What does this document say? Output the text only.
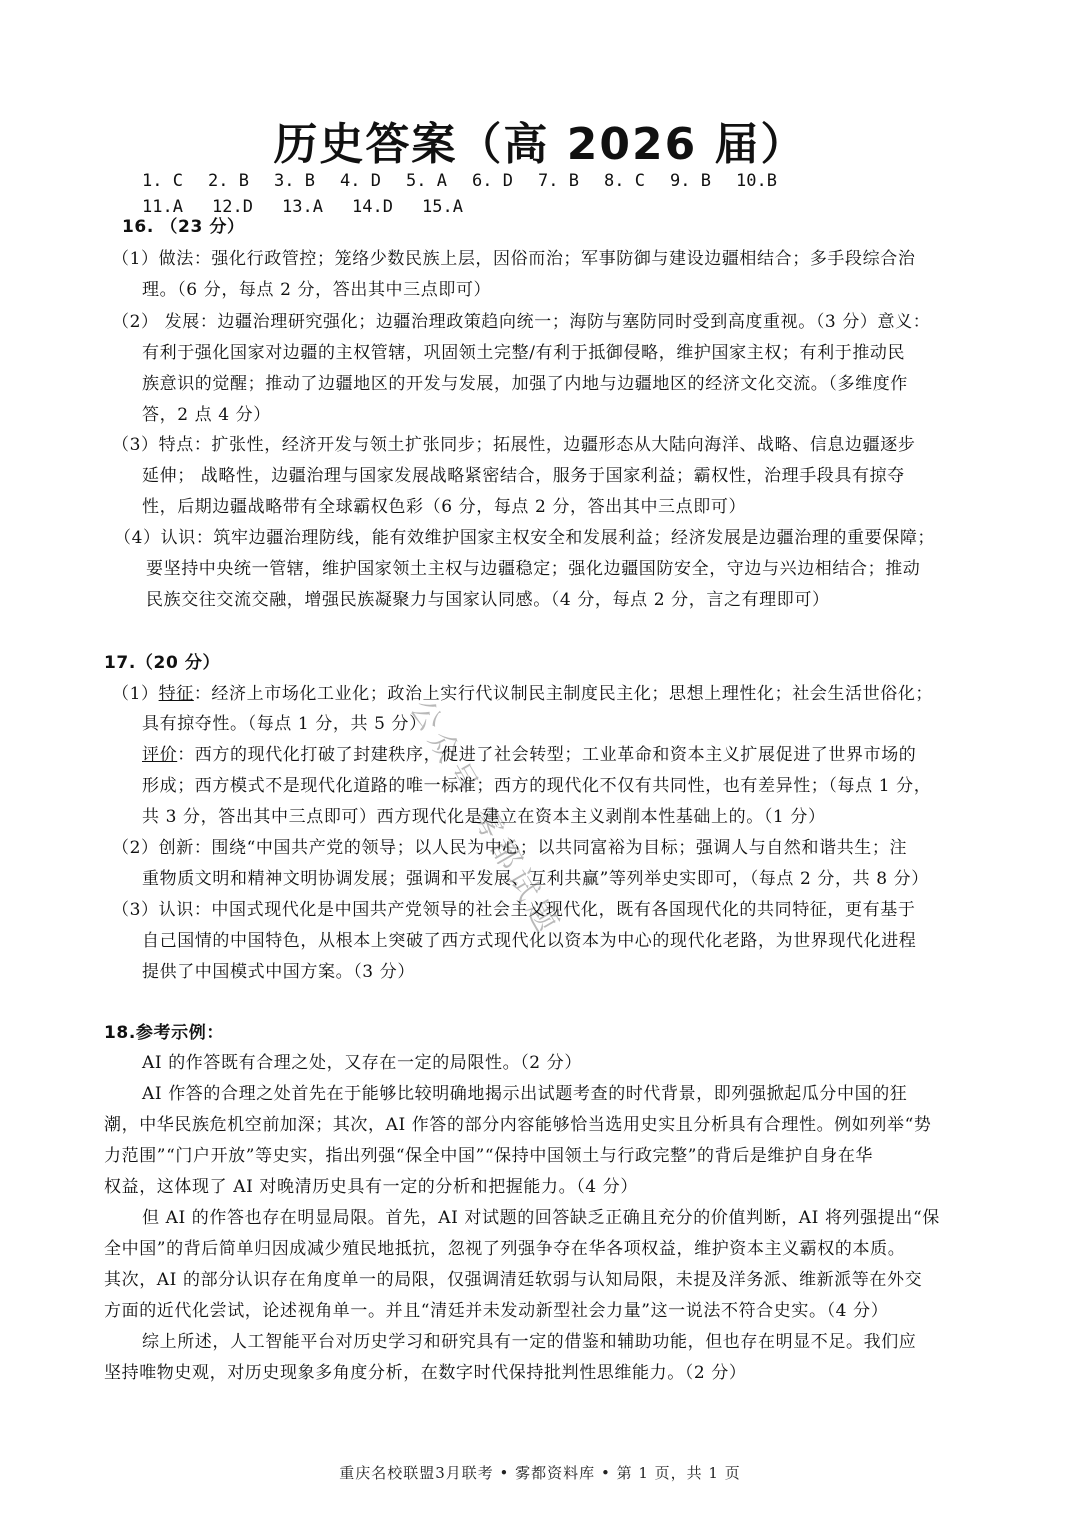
历史答案（高 2026 届）
1. C	2. B	3. B	4. D	5. A	6. D	7. B	8. C	9. B	10.B
11.A	12.D	13.A	14.D	15.A
16. （23 分）
（1）做法：强化行政管控；笼络少数民族上层，因俗而治；军事防御与建设边疆相结合；多手段综合治
理。（6 分，每点 2 分，答出其中三点即可）
（2） 发展：边疆治理研究强化；边疆治理政策趋向统一；海防与塞防同时受到高度重视。（3 分）意义：
有利于强化国家对边疆的主权管辖，巩固领土完整/有利于抵御侵略，维护国家主权；有利于推动民
族意识的觉醒；推动了边疆地区的开发与发展，加强了内地与边疆地区的经济文化交流。（多维度作
答，2 点 4 分）
（3）特点：扩张性，经济开发与领土扩张同步；拓展性，边疆形态从大陆向海洋、战略、信息边疆逐步
延伸； 战略性，边疆治理与国家发展战略紧密结合，服务于国家利益；霸权性，治理手段具有掠夺
性，后期边疆战略带有全球霸权色彩（6 分，每点 2 分，答出其中三点即可）
（4）认识：筑牢边疆治理防线，能有效维护国家主权安全和发展利益；经济发展是边疆治理的重要保障；
要坚持中央统一管辖，维护国家领土主权与边疆稳定；强化边疆国防安全，守边与兴边相结合；推动
民族交往交流交融，增强民族凝聚力与国家认同感。（4 分，每点 2 分，言之有理即可）
17.（20 分）
（1）特征：经济上市场化工业化；政治上实行代议制民主制度民主化；思想上理性化；社会生活世俗化；
具有掠夺性。（每点 1 分，共 5 分）
评价：西方的现代化打破了封建秩序，促进了社会转型；工业革命和资本主义扩展促进了世界市场的
形成；西方模式不是现代化道路的唯一标准；西方的现代化不仅有共同性，也有差异性；（每点 1 分，
共 3 分，答出其中三点即可）西方现代化是建立在资本主义剥削本性基础上的。（1 分）
（2）创新：围绕“中国共产党的领导；以人民为中心；以共同富裕为目标；强调人与自然和谐共生；注
重物质文明和精神文明协调发展；强调和平发展、互利共赢”等列举史实即可，（每点 2 分，共 8 分）
（3）认识：中国式现代化是中国共产党领导的社会主义现代化，既有各国现代化的共同特征，更有基于
自己国情的中国特色，从根本上突破了西方式现代化以资本为中心的现代化老路，为世界现代化进程
提供了中国模式中国方案。（3 分）
18.参考示例：
AI 的作答既有合理之处，又存在一定的局限性。（2 分）
AI 作答的合理之处首先在于能够比较明确地揭示出试题考查的时代背景，即列强掀起瓜分中国的狂
潮，中华民族危机空前加深；其次，AI 作答的部分内容能够恰当选用史实且分析具有合理性。例如列举“势
力范围”“门户开放”等史实，指出列强“保全中国”“保持中国领土与行政完整”的背后是维护自身在华
权益，这体现了 AI 对晚清历史具有一定的分析和把握能力。（4 分）
但 AI 的作答也存在明显局限。首先，AI 对试题的回答缺乏正确且充分的价值判断，AI 将列强提出“保
全中国”的背后简单归因成减少殖民地抵抗，忽视了列强争夺在华各项权益，维护资本主义霸权的本质。
其次，AI 的部分认识存在角度单一的局限，仅强调清廷软弱与认知局限，未提及洋务派、维新派等在外交
方面的近代化尝试，论述视角单一。并且“清廷并未发动新型社会力量”这一说法不符合史实。（4 分）
综上所述，人工智能平台对历史学习和研究具有一定的借鉴和辅助功能，但也存在明显不足。我们应
坚持唯物史观，对历史现象多角度分析，在数字时代保持批判性思维能力。（2 分）
公众号 雾都试题
重庆名校联盟3月联考 • 雾都资料库 • 第 1 页，共 1 页
